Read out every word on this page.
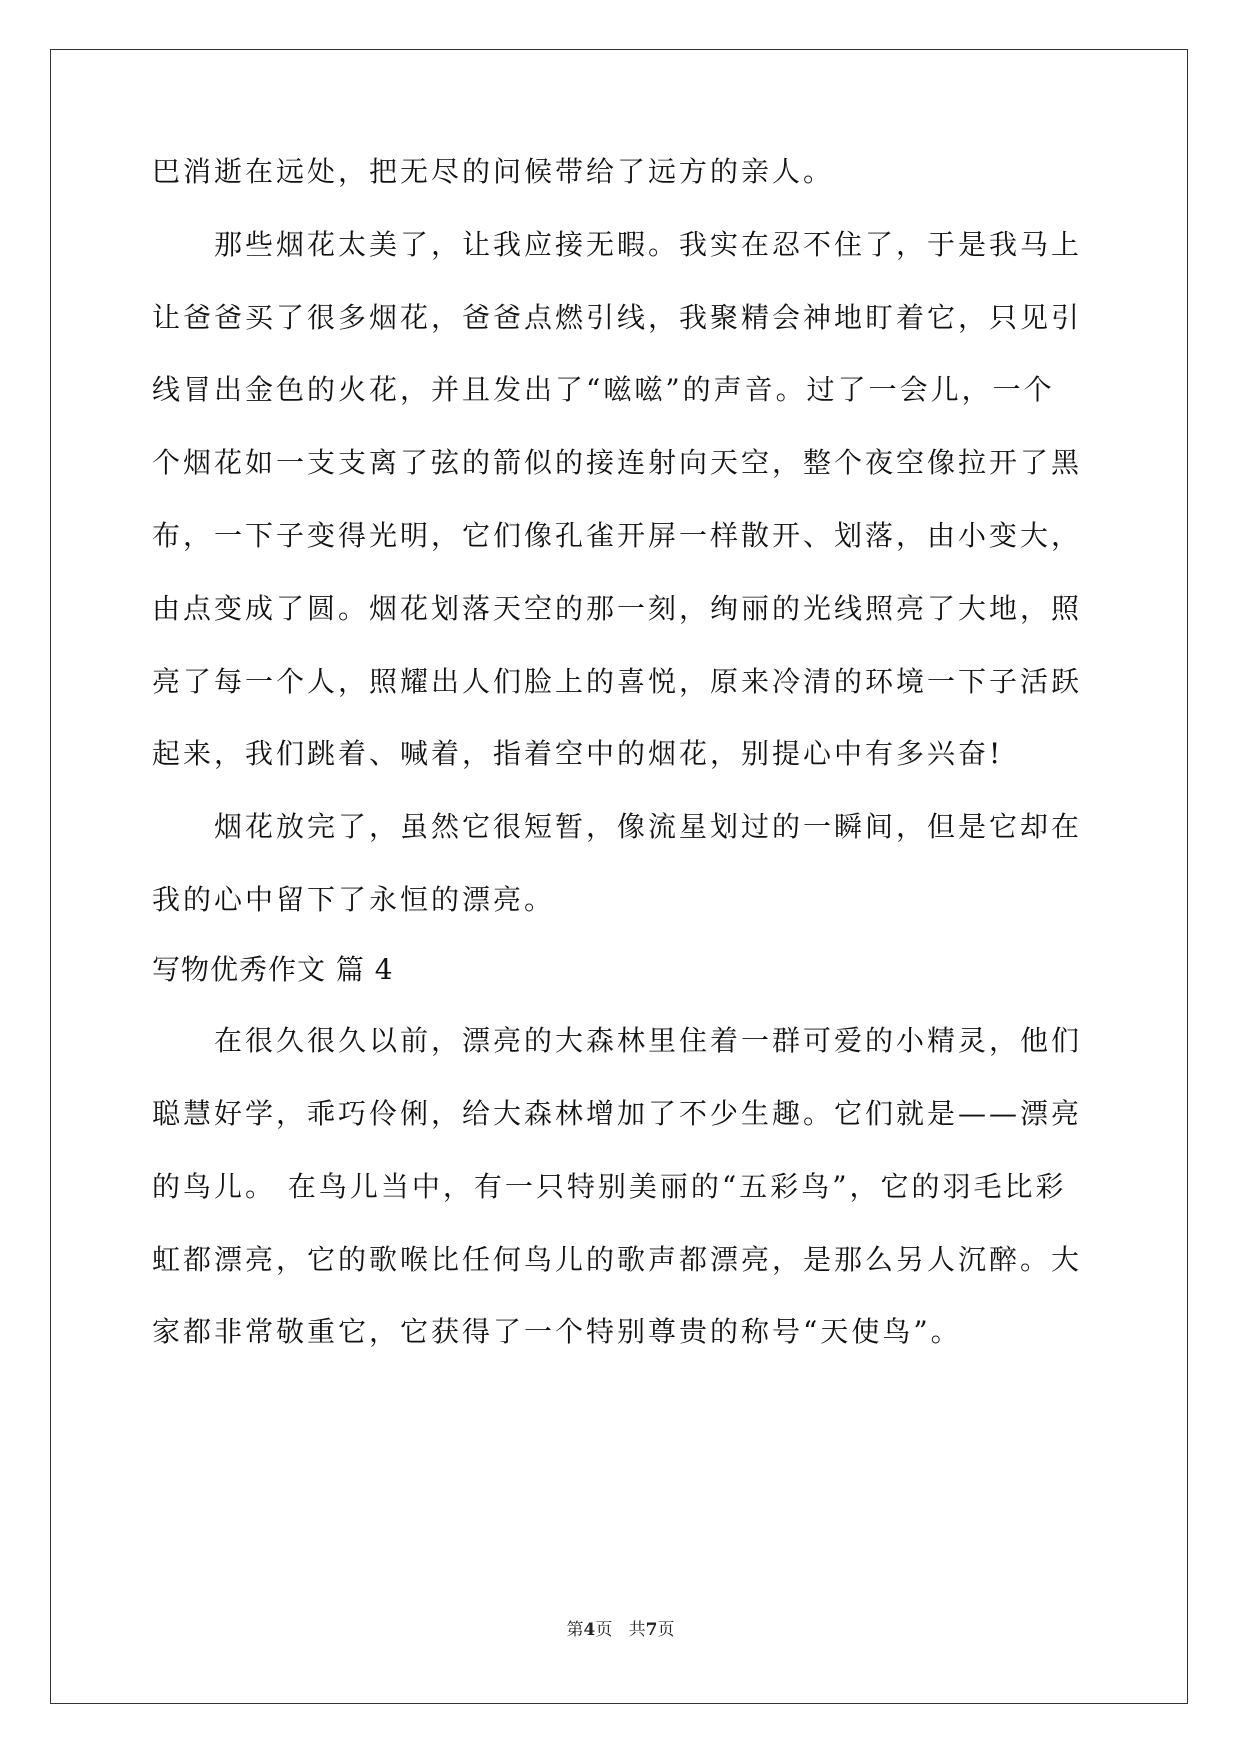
巴消逝在远处，把无尽的问候带给了远方的亲人。
那些烟花太美了，让我应接无暇。我实在忍不住了，于是我马上
让爸爸买了很多烟花，爸爸点燃引线，我聚精会神地盯着它，只见引
线冒出金色的火花，并且发出了“嗞嗞”的声音。过了一会儿，一个
个烟花如一支支离了弦的箭似的接连射向天空，整个夜空像拉开了黑
布，一下子变得光明，它们像孔雀开屏一样散开、划落，由小变大，
由点变成了圆。烟花划落天空的那一刻，绚丽的光线照亮了大地，照
亮了每一个人，照耀出人们脸上的喜悦，原来冷清的环境一下子活跃
起来，我们跳着、喊着，指着空中的烟花，别提心中有多兴奋!
烟花放完了，虽然它很短暂，像流星划过的一瞬间，但是它却在
我的心中留下了永恒的漂亮。
写物优秀作文 篇 4
在很久很久以前，漂亮的大森林里住着一群可爱的小精灵，他们
聪慧好学，乖巧伶俐，给大森林增加了不少生趣。它们就是——漂亮
的鸟儿。 在鸟儿当中，有一只特别美丽的“五彩鸟”，它的羽毛比彩
虹都漂亮，它的歌喉比任何鸟儿的歌声都漂亮，是那么另人沉醉。大
家都非常敬重它，它获得了一个特别尊贵的称号“天使鸟”。
第4页   共7页
